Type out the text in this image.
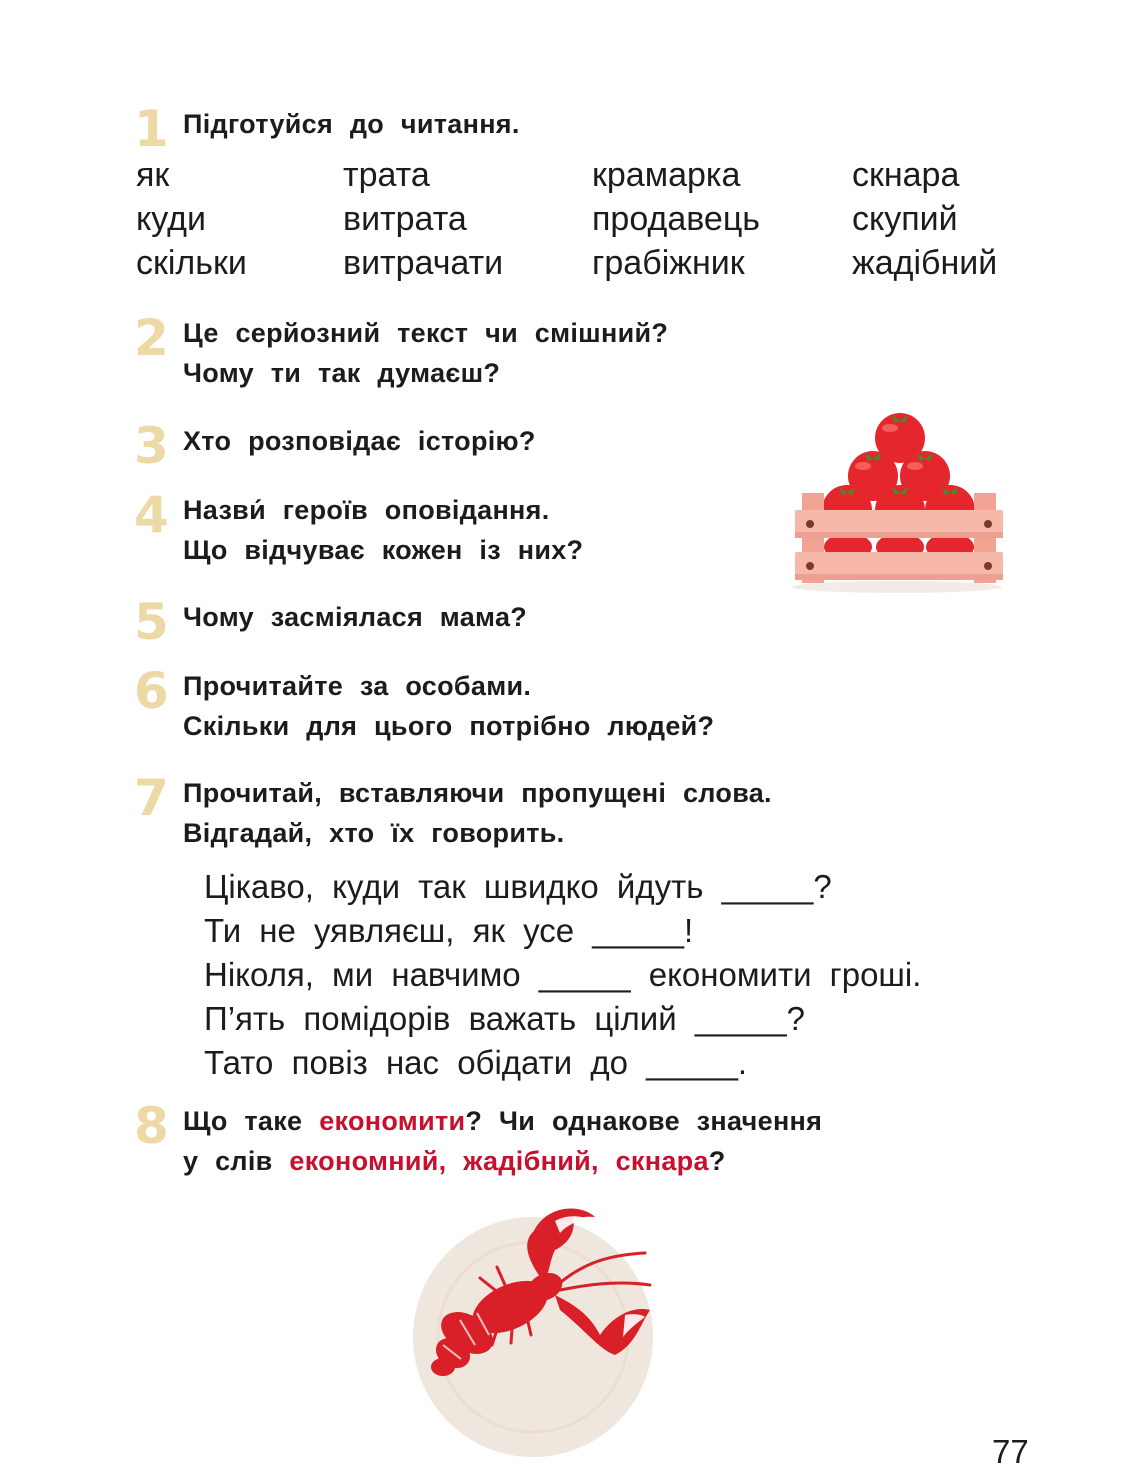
1 Підготуйся до читання.
як	трата	крамарка	скнара
куди	витрата	продавець	скупий
скільки	витрачати	грабіжник	жадібний
2 Це серйозний текст чи смішний?
Чому ти так думаєш?
3 Хто розповідає історію?
4 Назви́ героїв оповідання.
Що відчуває кожен із них?
5 Чому засміялася мама?
6 Прочитайте за особами.
Скільки для цього потрібно людей?
7 Прочитай, вставляючи пропущені слова.
Відгадай, хто їх говорить.
Цікаво, куди так швидко йдуть _____?
Ти не уявляєш, як усе _____!
Ніколя, ми навчимо _____ економити гроші.
П’ять помідорів важать цілий _____?
Тато повіз нас обідати до _____.
8 Що таке економити? Чи однакове значення
у слів економний, жадібний, скнара?
77
